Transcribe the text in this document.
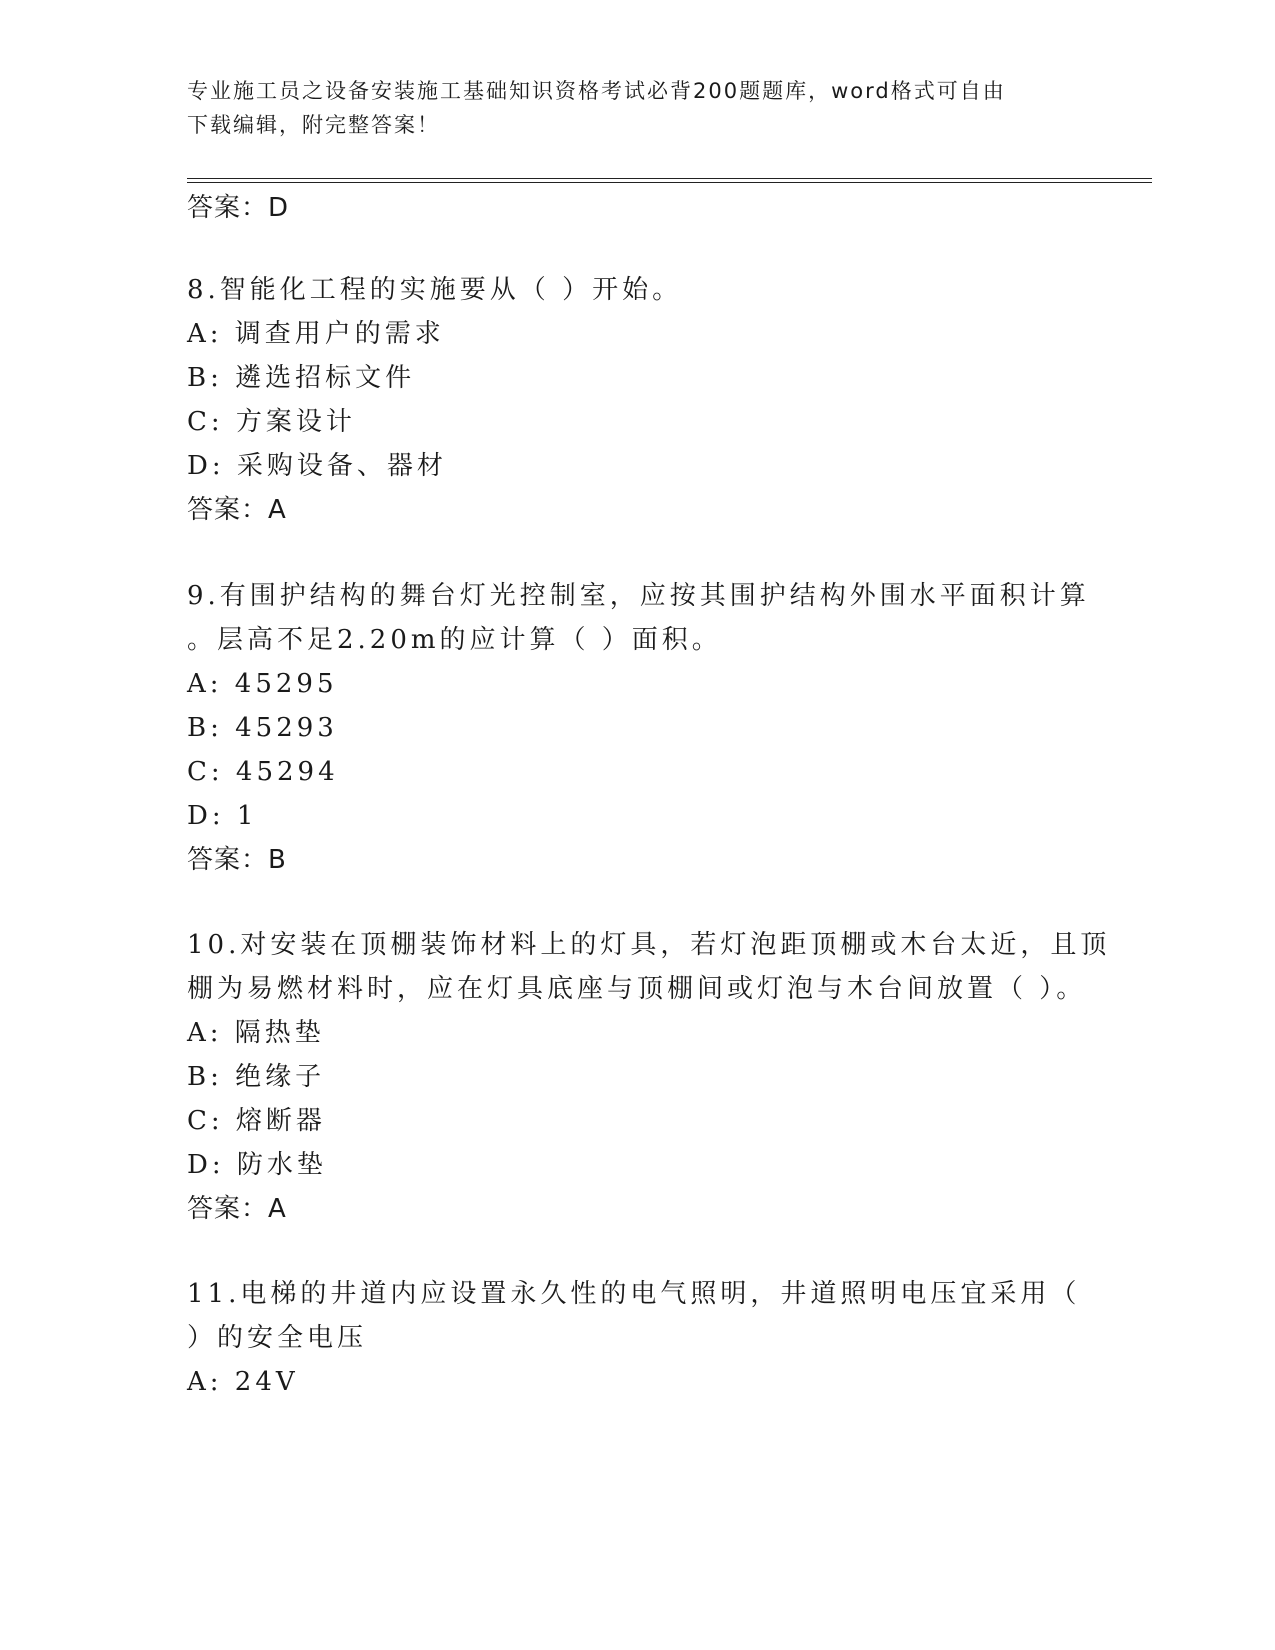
专业施工员之设备安装施工基础知识资格考试必背200题题库，word格式可自由
下载编辑，附完整答案！
答案：D
8.智能化工程的实施要从（ ）开始。
A: 调查用户的需求
B: 遴选招标文件
C: 方案设计
D: 采购设备、器材
答案：A
9.有围护结构的舞台灯光控制室，应按其围护结构外围水平面积计算
。层高不足2.20m的应计算（ ）面积。
A: 45295
B: 45293
C: 45294
D: 1
答案：B
10.对安装在顶棚装饰材料上的灯具，若灯泡距顶棚或木台太近，且顶
棚为易燃材料时，应在灯具底座与顶棚间或灯泡与木台间放置（ ）。
A: 隔热垫
B: 绝缘子
C: 熔断器
D: 防水垫
答案：A
11.电梯的井道内应设置永久性的电气照明，井道照明电压宜采用（
）的安全电压
A: 24V
